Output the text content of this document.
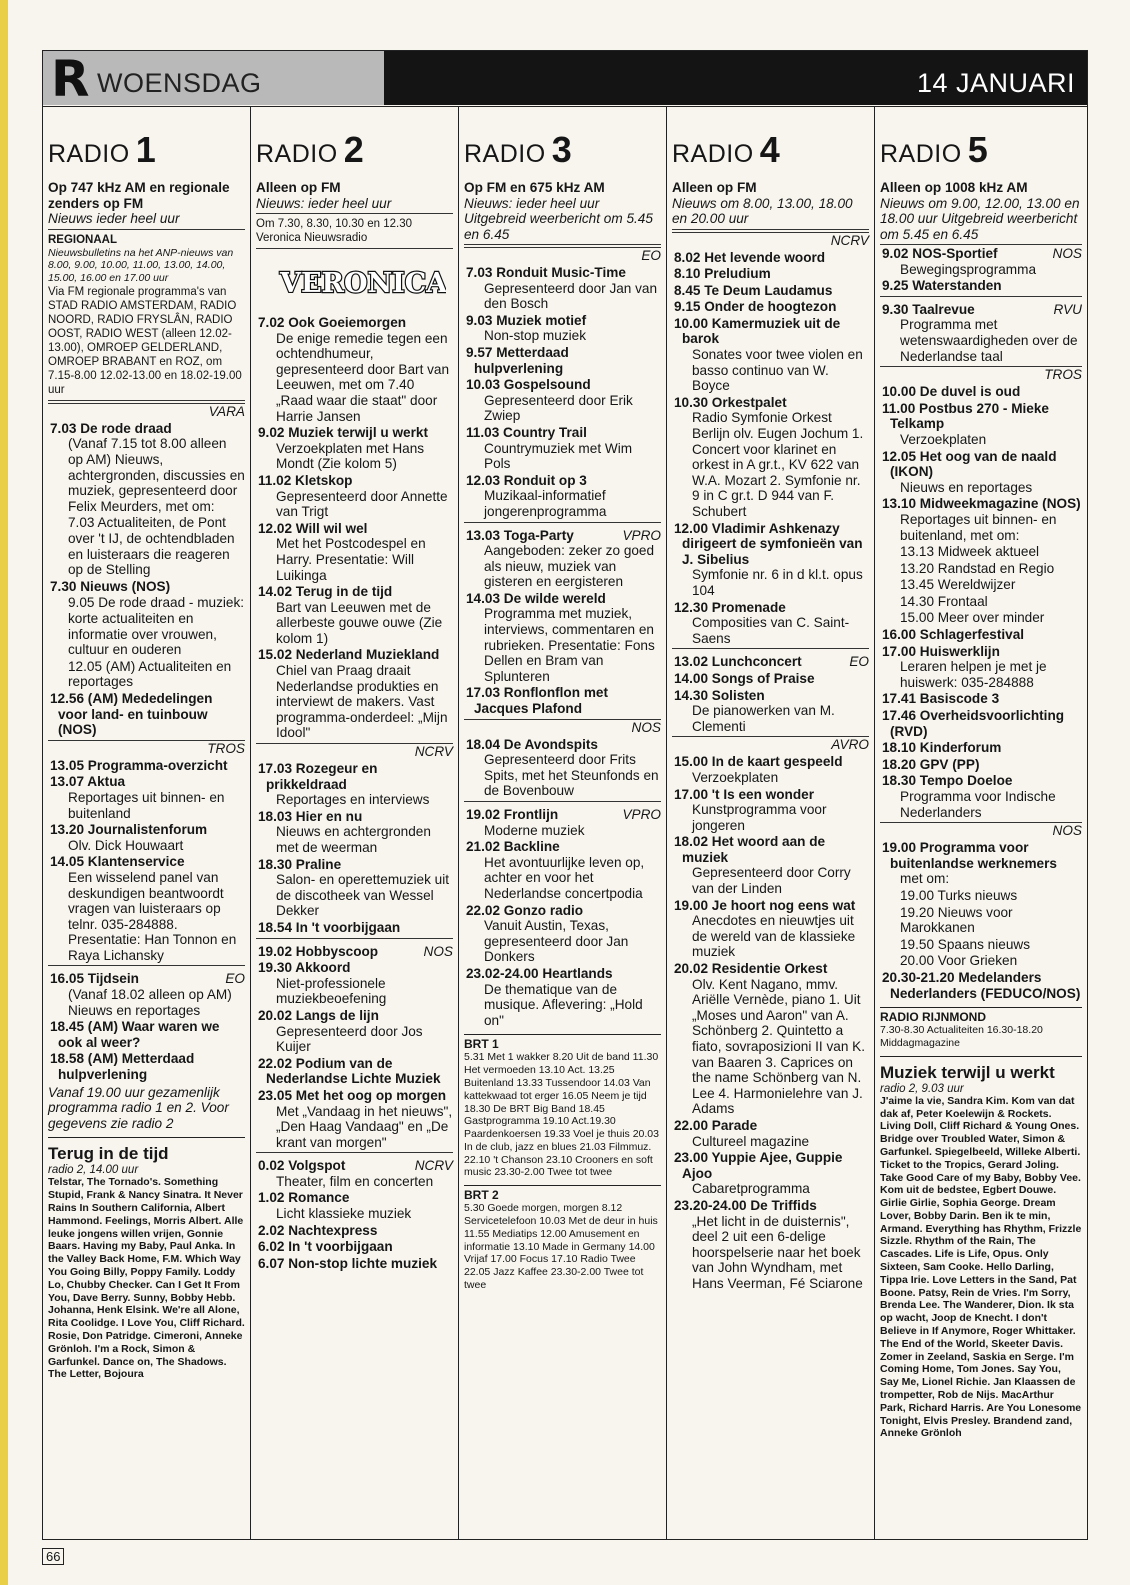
R WOENSDAG	14 JANUARI
RADIO 1
Op 747 kHz AM en regionale zenders op FM
Nieuws ieder heel uur
REGIONAAL
Nieuwsbulletins na het ANP-nieuws van 8.00, 9.00, 10.00, 11.00, 13.00, 14.00, 15.00, 16.00 en 17.00 uur
Via FM regionale programma's van STAD RADIO AMSTERDAM, RADIO NOORD, RADIO FRYSLÂN, RADIO OOST, RADIO WEST (alleen 12.02-13.00), OMROEP GELDERLAND, OMROEP BRABANT en ROZ, om 7.15-8.00 12.02-13.00 en 18.02-19.00 uur
VARA
7.03 De rode draad
(Vanaf 7.15 tot 8.00 alleen op AM) Nieuws, achtergronden, discussies en muziek, gepresenteerd door Felix Meurders, met om:
7.03 Actualiteiten, de Pont over 't IJ, de ochtendbladen en luisteraars die reageren op de Stelling
7.30 Nieuws (NOS)
9.05 De rode draad - muziek: korte actualiteiten en informatie over vrouwen, cultuur en ouderen
12.05 (AM) Actualiteiten en reportages
12.56 (AM) Mededelingen voor land- en tuinbouw (NOS)
TROS
13.05 Programma-overzicht
13.07 Aktua
Reportages uit binnen- en buitenland
13.20 Journalistenforum
Olv. Dick Houwaart
14.05 Klantenservice
Een wisselend panel van deskundigen beantwoordt vragen van luisteraars op telnr. 035-284888. Presentatie: Han Tonnon en Raya Lichansky

16.05 Tijdsein	EO
(Vanaf 18.02 alleen op AM) Nieuws en reportages
18.45 (AM) Waar waren we ook al weer?
18.58 (AM) Metterdaad hulpverlening
Vanaf 19.00 uur gezamenlijk programma radio 1 en 2. Voor gegevens zie radio 2
Terug in de tijd
radio 2, 14.00 uur
Telstar, The Tornado's. Something Stupid, Frank & Nancy Sinatra. It Never Rains In Southern California, Albert Hammond. Feelings, Morris Albert. Alle leuke jongens willen vrijen, Gonnie Baars. Having my Baby, Paul Anka. In the Valley Back Home, F.M. Which Way You Going Billy, Poppy Family. Loddy Lo, Chubby Checker. Can I Get It From You, Dave Berry. Sunny, Bobby Hebb. Johanna, Henk Elsink. We're all Alone, Rita Coolidge. I Love You, Cliff Richard. Rosie, Don Patridge. Cimeroni, Anneke Grönloh. I'm a Rock, Simon & Garfunkel. Dance on, The Shadows. The Letter, Bojoura
RADIO 2
Alleen op FM
Nieuws: ieder heel uur
Om 7.30, 8.30, 10.30 en 12.30 Veronica Nieuwsradio
VERONICA
7.02 Ook Goeiemorgen
De enige remedie tegen een ochtendhumeur, gepresenteerd door Bart van Leeuwen, met om 7.40 „Raad waar die staat" door Harrie Jansen
9.02 Muziek terwijl u werkt
Verzoekplaten met Hans Mondt (Zie kolom 5)
11.02 Kletskop
Gepresenteerd door Annette van Trigt
12.02 Will wil wel
Met het Postcodespel en Harry. Presentatie: Will Luikinga
14.02 Terug in de tijd
Bart van Leeuwen met de allerbeste gouwe ouwe (Zie kolom 1)
15.02 Nederland Muziekland
Chiel van Praag draait Nederlandse produkties en interviewt de makers. Vast programma-onderdeel: „Mijn Idool"
NCRV
17.03 Rozegeur en prikkeldraad
Reportages en interviews
18.03 Hier en nu
Nieuws en achtergronden met de weerman
18.30 Praline
Salon- en operettemuziek uit de discotheek van Wessel Dekker
18.54 In 't voorbijgaan

19.02 Hobbyscoop	NOS
19.30 Akkoord
Niet-professionele muziekbeoefening
20.02 Langs de lijn
Gepresenteerd door Jos Kuijer
22.02 Podium van de Nederlandse Lichte Muziek
23.05 Met het oog op morgen
Met „Vandaag in het nieuws", „Den Haag Vandaag" en „De krant van morgen"

0.02 Volgspot	NCRV
Theater, film en concerten
1.02 Romance
Licht klassieke muziek
2.02 Nachtexpress
6.02 In 't voorbijgaan
6.07 Non-stop lichte muziek
RADIO 3
Op FM en 675 kHz AM
Nieuws: ieder heel uur Uitgebreid weerbericht om 5.45 en 6.45
EO
7.03 Ronduit Music-Time
Gepresenteerd door Jan van den Bosch
9.03 Muziek motief
Non-stop muziek
9.57 Metterdaad hulpverlening
10.03 Gospelsound
Gepresenteerd door Erik Zwiep
11.03 Country Trail
Countrymuziek met Wim Pols
12.03 Ronduit op 3
Muzikaal-informatief jongerenprogramma

13.03 Toga-Party	VPRO
Aangeboden: zeker zo goed als nieuw, muziek van gisteren en eergisteren
14.03 De wilde wereld
Programma met muziek, interviews, commentaren en rubrieken. Presentatie: Fons Dellen en Bram van Splunteren
17.03 Ronflonflon met Jacques Plafond
NOS
18.04 De Avondspits
Gepresenteerd door Frits Spits, met het Steunfonds en de Bovenbouw

19.02 Frontlijn	VPRO
Moderne muziek
21.02 Backline
Het avontuurlijke leven op, achter en voor het Nederlandse concertpodia
22.02 Gonzo radio
Vanuit Austin, Texas, gepresenteerd door Jan Donkers
23.02-24.00 Heartlands
De thematique van de musique. Aflevering: „Hold on"
BRT 1
5.31 Met 1 wakker 8.20 Uit de band 11.30 Het vermoeden 13.10 Act. 13.25 Buitenland 13.33 Tussendoor 14.03 Van kattekwaad tot erger 16.05 Neem je tijd 18.30 De BRT Big Band 18.45 Gastprogramma 19.10 Act.19.30 Paardenkoersen 19.33 Voel je thuis 20.03 In de club, jazz en blues 21.03 Filmmuz. 22.10 't Chanson 23.10 Crooners en soft music 23.30-2.00 Twee tot twee
BRT 2
5.30 Goede morgen, morgen 8.12 Servicetelefoon 10.03 Met de deur in huis 11.55 Mediatips 12.00 Amusement en informatie 13.10 Made in Germany 14.00 Vrijaf 17.00 Focus 17.10 Radio Twee 22.05 Jazz Kaffee 23.30-2.00 Twee tot twee
RADIO 4
Alleen op FM
Nieuws om 8.00, 13.00, 18.00 en 20.00 uur
NCRV
8.02 Het levende woord
8.10 Preludium
8.45 Te Deum Laudamus
9.15 Onder de hoogtezon
10.00 Kamermuziek uit de barok
Sonates voor twee violen en basso continuo van W. Boyce
10.30 Orkestpalet
Radio Symfonie Orkest Berlijn olv. Eugen Jochum 1. Concert voor klarinet en orkest in A gr.t., KV 622 van W.A. Mozart 2. Symfonie nr. 9 in C gr.t. D 944 van F. Schubert
12.00 Vladimir Ashkenazy dirigeert de symfonieën van J. Sibelius
Symfonie nr. 6 in d kl.t. opus 104
12.30 Promenade
Composities van C. Saint-Saens

13.02 Lunchconcert	EO
14.00 Songs of Praise
14.30 Solisten
De pianowerken van M. Clementi
AVRO
15.00 In de kaart gespeeld
Verzoekplaten
17.00 't Is een wonder
Kunstprogramma voor jongeren
18.02 Het woord aan de muziek
Gepresenteerd door Corry van der Linden
19.00 Je hoort nog eens wat
Anecdotes en nieuwtjes uit de wereld van de klassieke muziek
20.02 Residentie Orkest
Olv. Kent Nagano, mmv. Ariëlle Vernède, piano 1. Uit „Moses und Aaron" van A. Schönberg 2. Quintetto a fiato, sovraposizioni II van K. van Baaren 3. Caprices on the name Schönberg van N. Lee 4. Harmonielehre van J. Adams
22.00 Parade
Cultureel magazine
23.00 Yuppie Ajee, Guppie Ajoo
Cabaretprogramma
23.20-24.00 De Triffids
„Het licht in de duisternis", deel 2 uit een 6-delige hoorspelserie naar het boek van John Wyndham, met Hans Veerman, Fé Sciarone
RADIO 5
Alleen op 1008 kHz AM
Nieuws om 9.00, 12.00, 13.00 en 18.00 uur Uitgebreid weerbericht om 5.45 en 6.45
9.02 NOS-Sportief	NOS
Bewegingsprogramma
9.25 Waterstanden

9.30 Taalrevue	RVU
Programma met wetenswaardigheden over de Nederlandse taal
TROS
10.00 De duvel is oud
11.00 Postbus 270 - Mieke Telkamp
Verzoekplaten
12.05 Het oog van de naald (IKON)
Nieuws en reportages
13.10 Midweekmagazine (NOS)
Reportages uit binnen- en buitenland, met om:
13.13 Midweek aktueel
13.20 Randstad en Regio
13.45 Wereldwijzer
14.30 Frontaal
15.00 Meer over minder
16.00 Schlagerfestival
17.00 Huiswerklijn
Leraren helpen je met je huiswerk: 035-284888
17.41 Basiscode 3
17.46 Overheidsvoorlichting (RVD)
18.10 Kinderforum
18.20 GPV (PP)
18.30 Tempo Doeloe
Programma voor Indische Nederlanders
NOS
19.00 Programma voor buitenlandse werknemers
met om:
19.00 Turks nieuws
19.20 Nieuws voor Marokkanen
19.50 Spaans nieuws
20.00 Voor Grieken
20.30-21.20 Medelanders Nederlanders (FEDUCO/NOS)
RADIO RIJNMOND
7.30-8.30 Actualiteiten 16.30-18.20 Middagmagazine
Muziek terwijl u werkt
radio 2, 9.03 uur
J'aime la vie, Sandra Kim. Kom van dat dak af, Peter Koelewijn & Rockets. Living Doll, Cliff Richard & Young Ones. Bridge over Troubled Water, Simon & Garfunkel. Spiegelbeeld, Willeke Alberti. Ticket to the Tropics, Gerard Joling. Take Good Care of my Baby, Bobby Vee. Kom uit de bedstee, Egbert Douwe. Girlie Girlie, Sophia George. Dream Lover, Bobby Darin. Ben ik te min, Armand. Everything has Rhythm, Frizzle Sizzle. Rhythm of the Rain, The Cascades. Life is Life, Opus. Only Sixteen, Sam Cooke. Hello Darling, Tippa Irie. Love Letters in the Sand, Pat Boone. Patsy, Rein de Vries. I'm Sorry, Brenda Lee. The Wanderer, Dion. Ik sta op wacht, Joop de Knecht. I don't Believe in If Anymore, Roger Whittaker. The End of the World, Skeeter Davis. Zomer in Zeeland, Saskia en Serge. I'm Coming Home, Tom Jones. Say You, Say Me, Lionel Richie. Jan Klaassen de trompetter, Rob de Nijs. MacArthur Park, Richard Harris. Are You Lonesome Tonight, Elvis Presley. Brandend zand, Anneke Grönloh
66
